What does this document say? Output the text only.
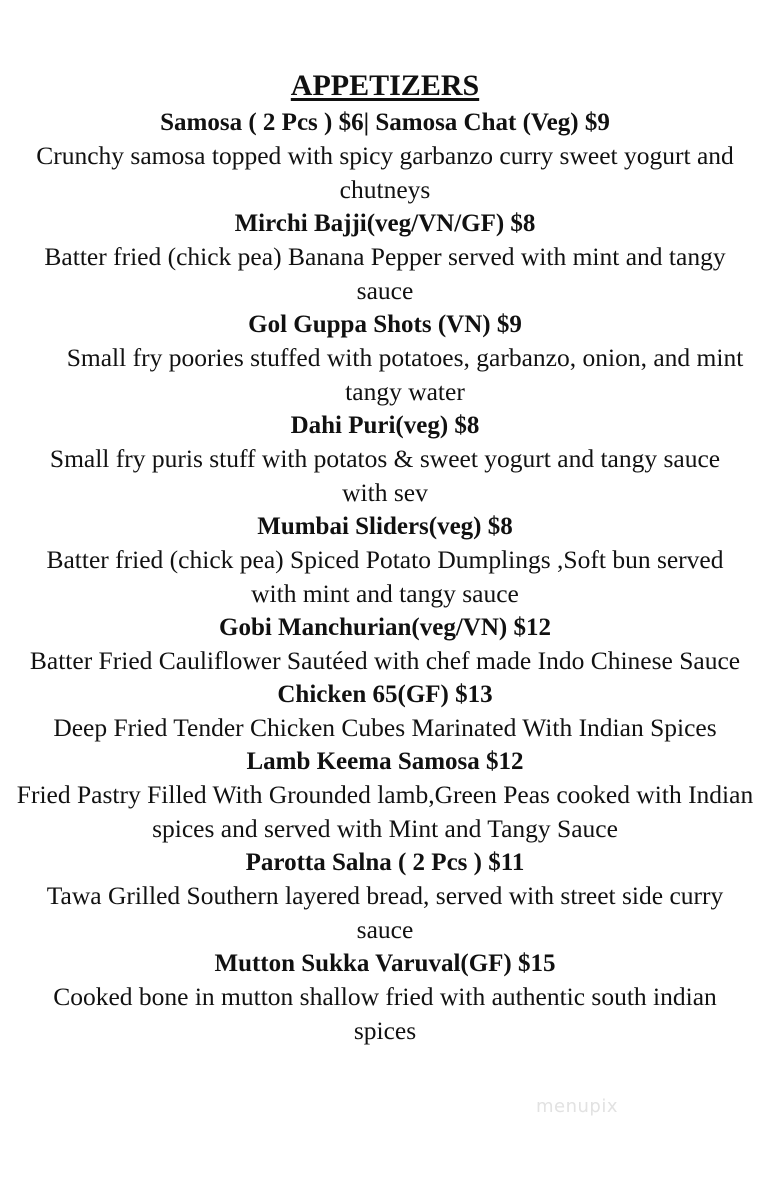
APPETIZERS
Samosa ( 2 Pcs ) $6| Samosa Chat (Veg) $9
Crunchy samosa topped with spicy garbanzo curry sweet yogurt and chutneys
Mirchi Bajji(veg/VN/GF) $8
Batter fried (chick pea) Banana Pepper served with mint and tangy sauce
Gol Guppa Shots (VN) $9
Small fry poories stuffed with potatoes, garbanzo, onion, and mint tangy water
Dahi Puri(veg) $8
Small fry puris stuff with potatos & sweet yogurt and tangy sauce with sev
Mumbai Sliders(veg) $8
Batter fried (chick pea) Spiced Potato Dumplings ,Soft bun served with mint and tangy sauce
Gobi Manchurian(veg/VN) $12
Batter Fried Cauliflower Sautéed with chef made Indo Chinese Sauce
Chicken 65(GF) $13
Deep Fried Tender Chicken Cubes Marinated With Indian Spices
Lamb Keema Samosa $12
Fried Pastry Filled With Grounded lamb,Green Peas cooked with Indian spices and served with Mint and Tangy Sauce
Parotta Salna ( 2 Pcs ) $11
Tawa Grilled Southern layered bread, served with street side curry sauce
Mutton Sukka Varuval(GF) $15
Cooked bone in mutton shallow fried with authentic south indian spices
menupix
